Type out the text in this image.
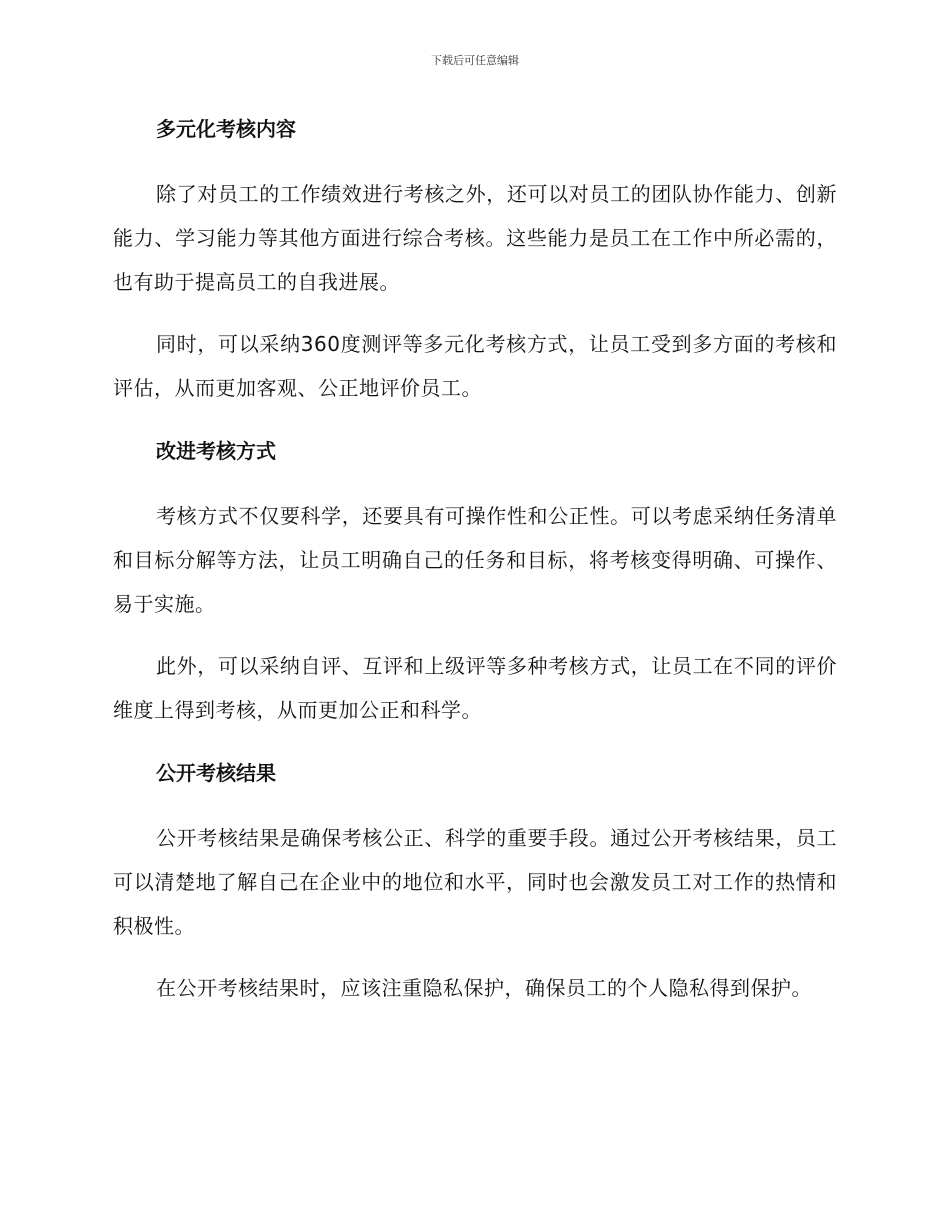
下载后可任意编辑
多元化考核内容

除了对员工的工作绩效进行考核之外，还可以对员工的团队协作能力、创新能力、学习能力等其他方面进行综合考核。这些能力是员工在工作中所必需的，也有助于提高员工的自我进展。

同时，可以采纳360度测评等多元化考核方式，让员工受到多方面的考核和评估，从而更加客观、公正地评价员工。

改进考核方式

考核方式不仅要科学，还要具有可操作性和公正性。可以考虑采纳任务清单和目标分解等方法，让员工明确自己的任务和目标，将考核变得明确、可操作、易于实施。

此外，可以采纳自评、互评和上级评等多种考核方式，让员工在不同的评价维度上得到考核，从而更加公正和科学。

公开考核结果

公开考核结果是确保考核公正、科学的重要手段。通过公开考核结果，员工可以清楚地了解自己在企业中的地位和水平，同时也会激发员工对工作的热情和积极性。

在公开考核结果时，应该注重隐私保护，确保员工的个人隐私得到保护。
